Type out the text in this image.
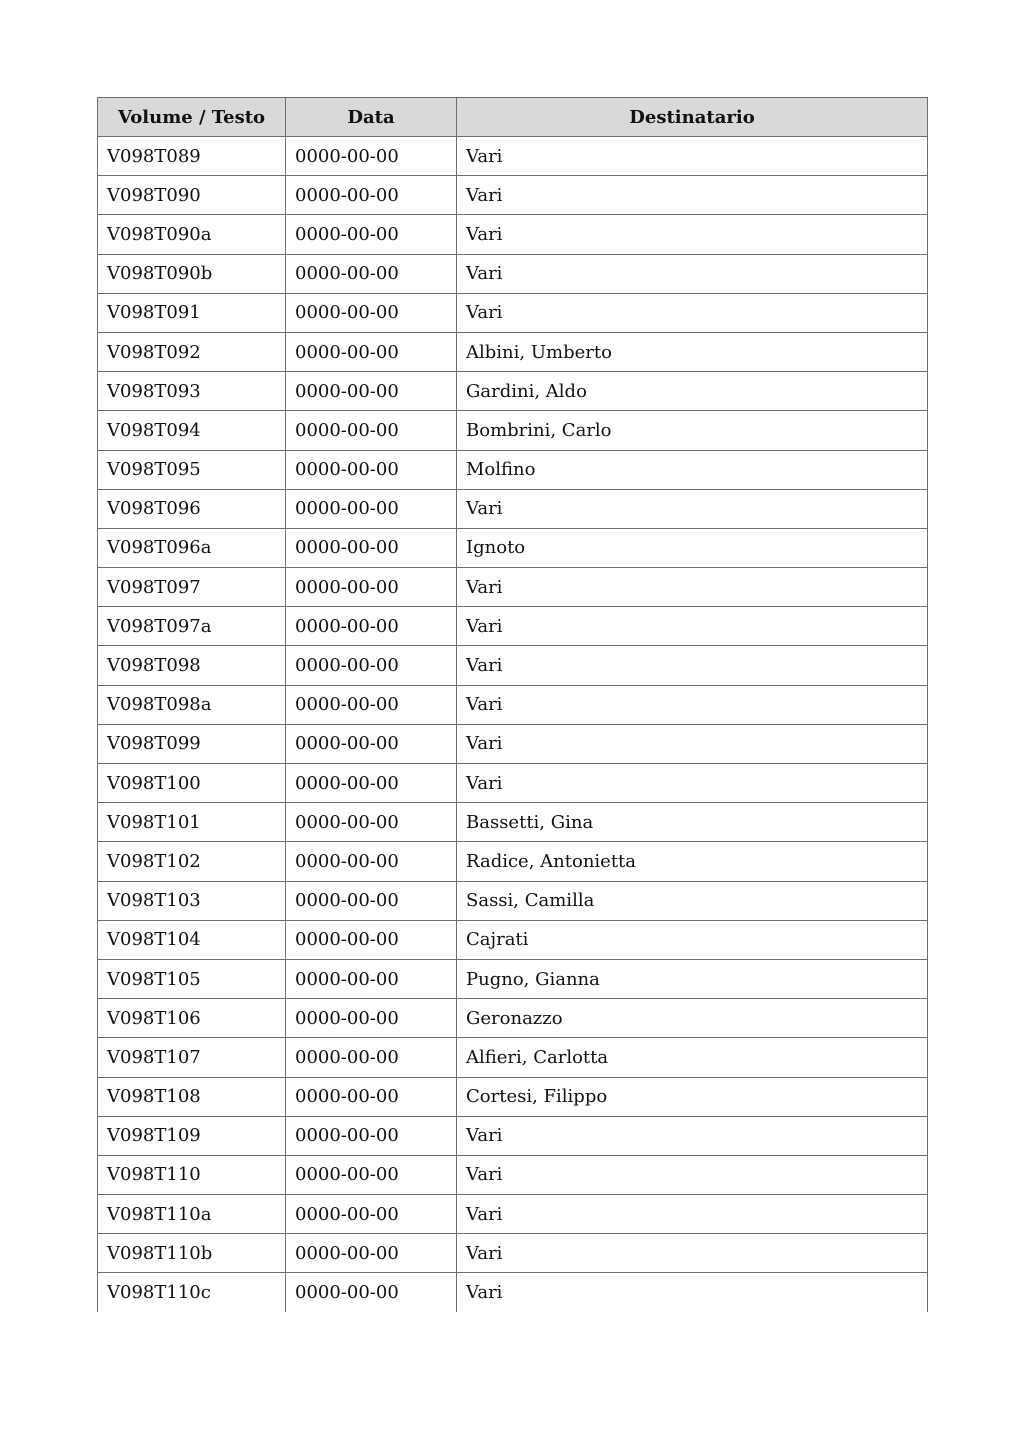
Volume / Testo	Data	Destinatario
V098T089	0000-00-00	Vari
V098T090	0000-00-00	Vari
V098T090a	0000-00-00	Vari
V098T090b	0000-00-00	Vari
V098T091	0000-00-00	Vari
V098T092	0000-00-00	Albini, Umberto
V098T093	0000-00-00	Gardini, Aldo
V098T094	0000-00-00	Bombrini, Carlo
V098T095	0000-00-00	Molfino
V098T096	0000-00-00	Vari
V098T096a	0000-00-00	Ignoto
V098T097	0000-00-00	Vari
V098T097a	0000-00-00	Vari
V098T098	0000-00-00	Vari
V098T098a	0000-00-00	Vari
V098T099	0000-00-00	Vari
V098T100	0000-00-00	Vari
V098T101	0000-00-00	Bassetti, Gina
V098T102	0000-00-00	Radice, Antonietta
V098T103	0000-00-00	Sassi, Camilla
V098T104	0000-00-00	Cajrati
V098T105	0000-00-00	Pugno, Gianna
V098T106	0000-00-00	Geronazzo
V098T107	0000-00-00	Alfieri, Carlotta
V098T108	0000-00-00	Cortesi, Filippo
V098T109	0000-00-00	Vari
V098T110	0000-00-00	Vari
V098T110a	0000-00-00	Vari
V098T110b	0000-00-00	Vari
V098T110c	0000-00-00	Vari
